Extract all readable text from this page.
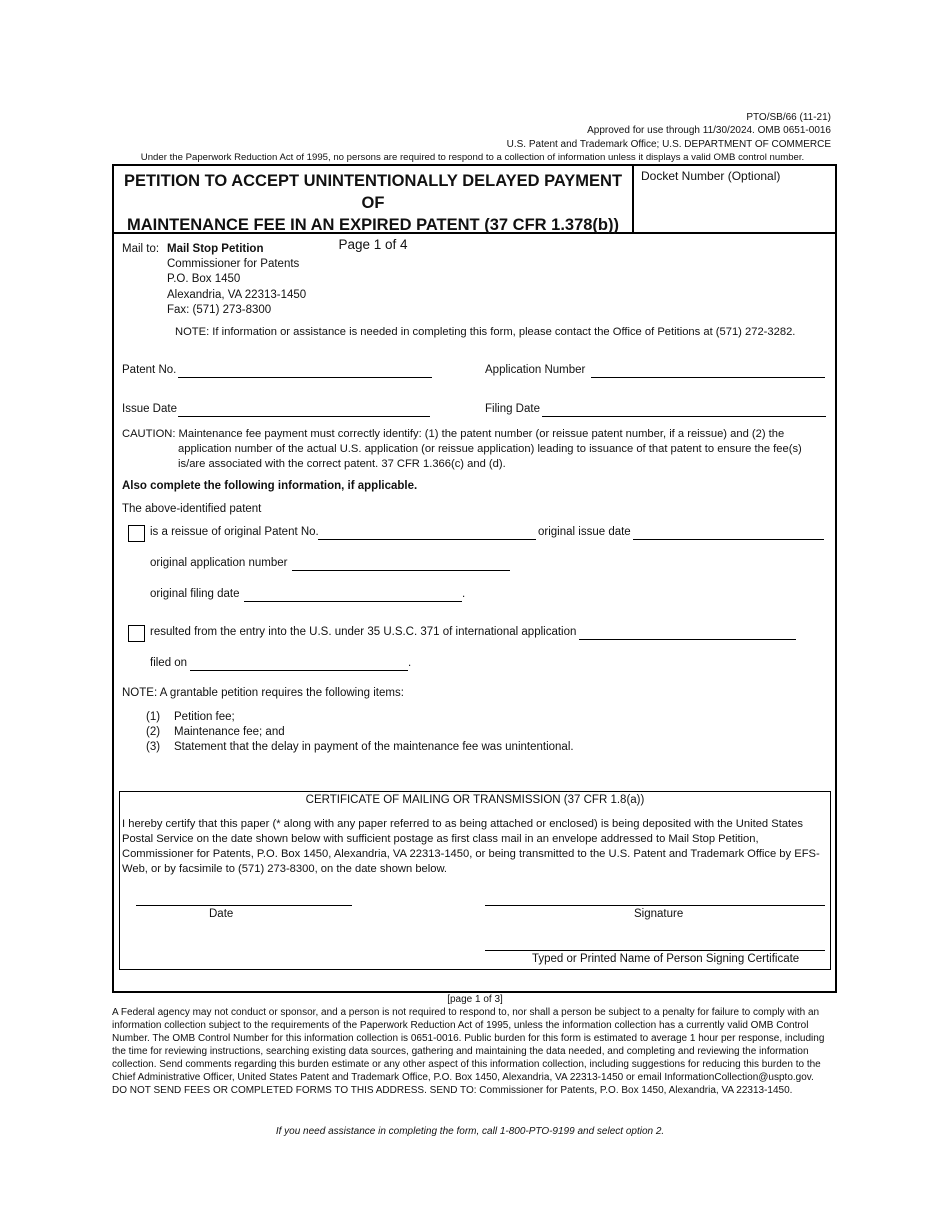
PTO/SB/66 (11-21)
Approved for use through 11/30/2024. OMB 0651-0016
U.S. Patent and Trademark Office; U.S. DEPARTMENT OF COMMERCE
Under the Paperwork Reduction Act of 1995, no persons are required to respond to a collection of information unless it displays a valid OMB control number.
PETITION TO ACCEPT UNINTENTIONALLY DELAYED PAYMENT OF
MAINTENANCE FEE IN AN EXPIRED PATENT (37 CFR 1.378(b))
Page 1 of 4
Docket Number (Optional)
Mail to: Mail Stop Petition
Commissioner for Patents
P.O. Box 1450
Alexandria, VA 22313-1450
Fax: (571) 273-8300
NOTE: If information or assistance is needed in completing this form, please contact the Office of Petitions at (571) 272-3282.
Patent No.	Application Number
Issue Date	Filing Date
CAUTION: Maintenance fee payment must correctly identify: (1) the patent number (or reissue patent number, if a reissue) and (2) the
application number of the actual U.S. application (or reissue application) leading to issuance of that patent to ensure the fee(s) is/are associated with the correct patent. 37 CFR 1.366(c) and (d).
Also complete the following information, if applicable.
The above-identified patent
is a reissue of original Patent No.	original issue date
original application number
original filing date	.
resulted from the entry into the U.S. under 35 U.S.C. 371 of international application
filed on	.
NOTE: A grantable petition requires the following items:
(1)	Petition fee;
(2)	Maintenance fee; and
(3)	Statement that the delay in payment of the maintenance fee was unintentional.
CERTIFICATE OF MAILING OR TRANSMISSION (37 CFR 1.8(a))
I hereby certify that this paper (* along with any paper referred to as being attached or enclosed) is being deposited with the United States Postal Service on the date shown below with sufficient postage as first class mail in an envelope addressed to Mail Stop Petition, Commissioner for Patents, P.O. Box 1450, Alexandria, VA 22313-1450, or being transmitted to the U.S. Patent and Trademark Office by EFS-Web, or by facsimile to (571) 273-8300, on the date shown below.
Date	Signature
Typed or Printed Name of Person Signing Certificate
[page 1 of 3]
A Federal agency may not conduct or sponsor, and a person is not required to respond to, nor shall a person be subject to a penalty for failure to comply with an information collection subject to the requirements of the Paperwork Reduction Act of 1995, unless the information collection has a currently valid OMB Control Number. The OMB Control Number for this information collection is 0651-0016. Public burden for this form is estimated to average 1 hour per response, including the time for reviewing instructions, searching existing data sources, gathering and maintaining the data needed, and completing and reviewing the information collection. Send comments regarding this burden estimate or any other aspect of this information collection, including suggestions for reducing this burden to the Chief Administrative Officer, United States Patent and Trademark Office, P.O. Box 1450, Alexandria, VA 22313-1450 or email InformationCollection@uspto.gov. DO NOT SEND FEES OR COMPLETED FORMS TO THIS ADDRESS. SEND TO: Commissioner for Patents, P.O. Box 1450, Alexandria, VA 22313-1450.
If you need assistance in completing the form, call 1-800-PTO-9199 and select option 2.
